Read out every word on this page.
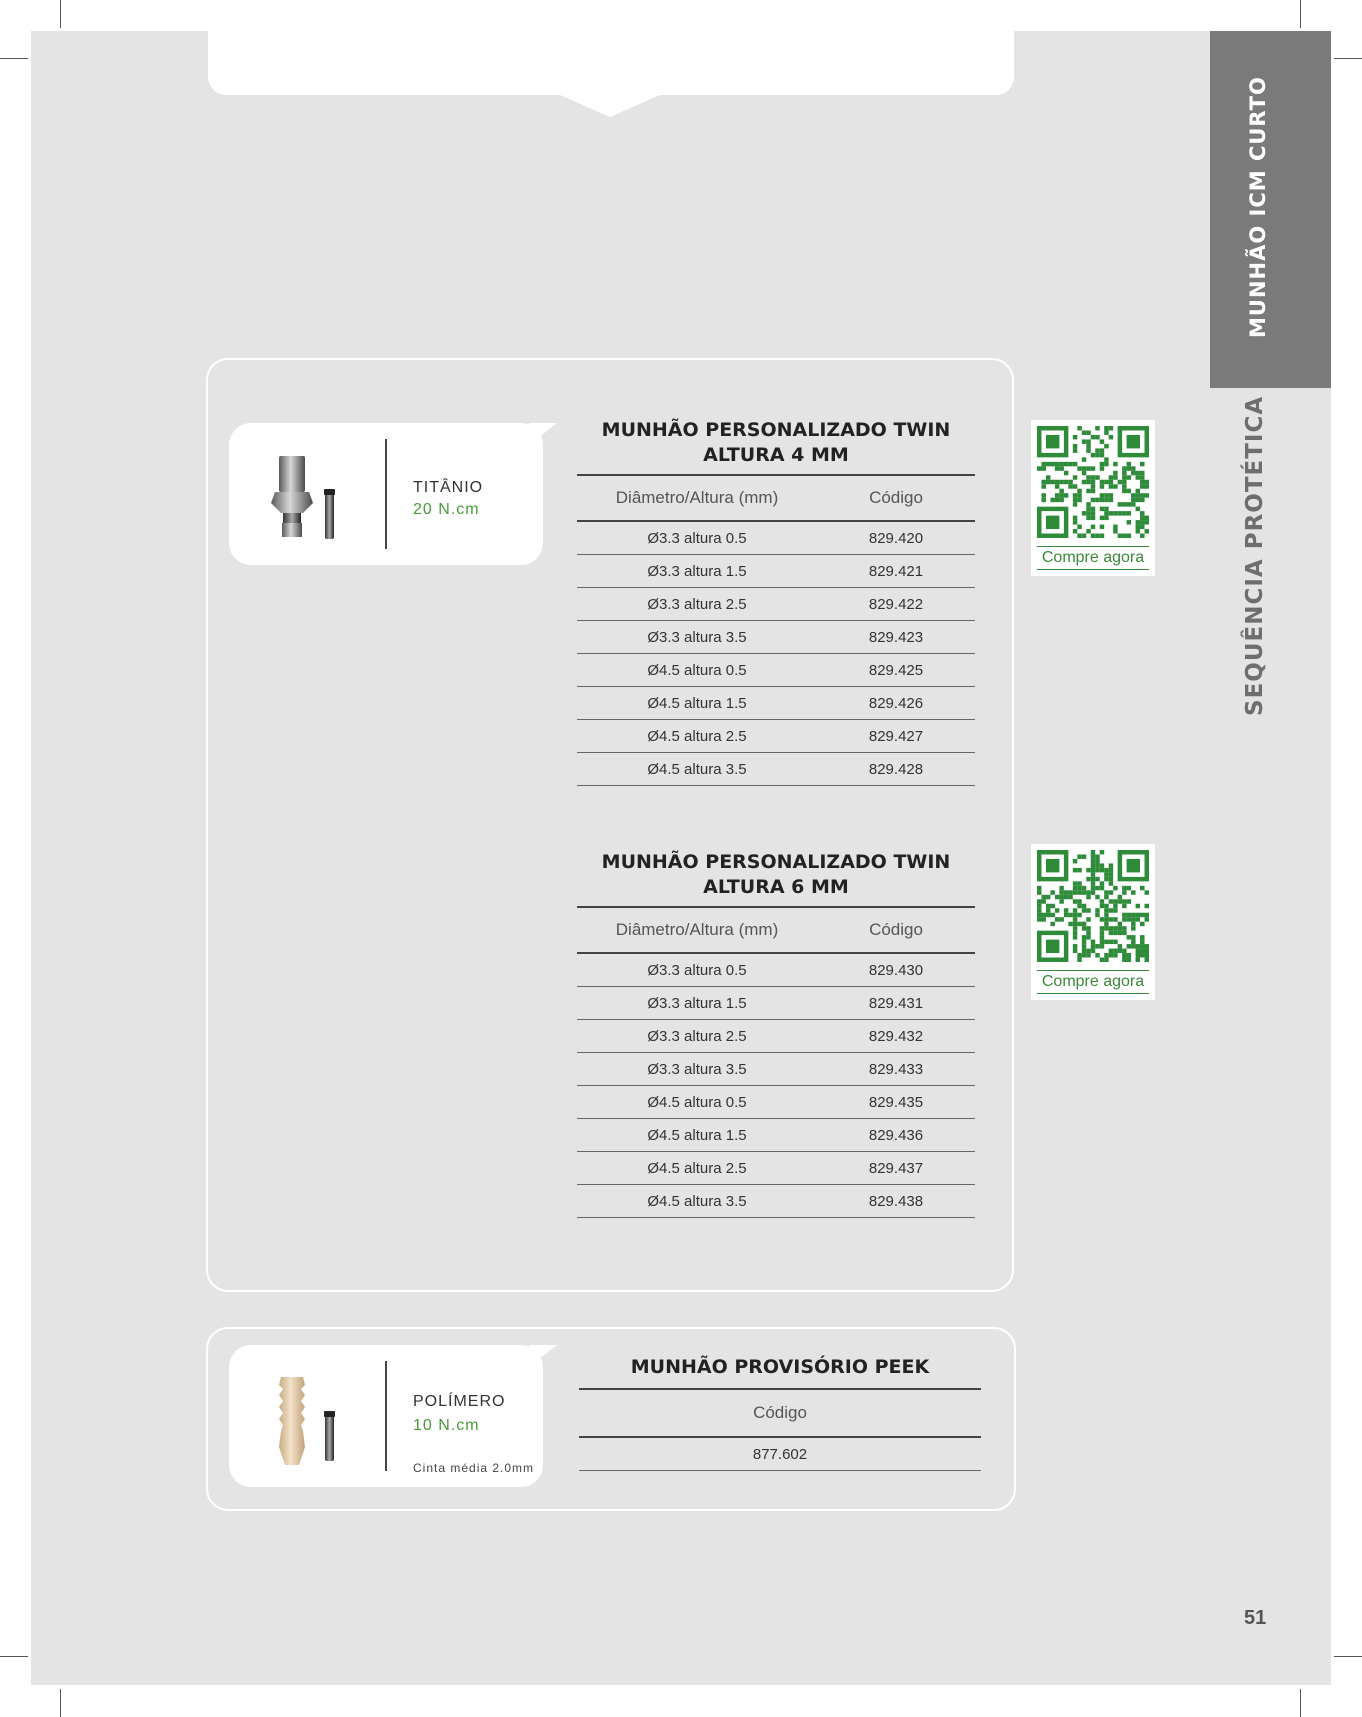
MUNHÃO ICM CURTO
SEQUÊNCIA PROTÉTICA
TITÂNIO
20 N.cm
MUNHÃO PERSONALIZADO TWIN
ALTURA 4 MM
Diâmetro/Altura (mm)	Código
Ø3.3 altura 0.5	829.420
Ø3.3 altura 1.5	829.421
Ø3.3 altura 2.5	829.422
Ø3.3 altura 3.5	829.423
Ø4.5 altura 0.5	829.425
Ø4.5 altura 1.5	829.426
Ø4.5 altura 2.5	829.427
Ø4.5 altura 3.5	829.428
Compre agora
MUNHÃO PERSONALIZADO TWIN
ALTURA 6 MM
Diâmetro/Altura (mm)	Código
Ø3.3 altura 0.5	829.430
Ø3.3 altura 1.5	829.431
Ø3.3 altura 2.5	829.432
Ø3.3 altura 3.5	829.433
Ø4.5 altura 0.5	829.435
Ø4.5 altura 1.5	829.436
Ø4.5 altura 2.5	829.437
Ø4.5 altura 3.5	829.438
Compre agora
POLÍMERO
10 N.cm
Cinta média 2.0mm
MUNHÃO PROVISÓRIO PEEK
Código
877.602
51
